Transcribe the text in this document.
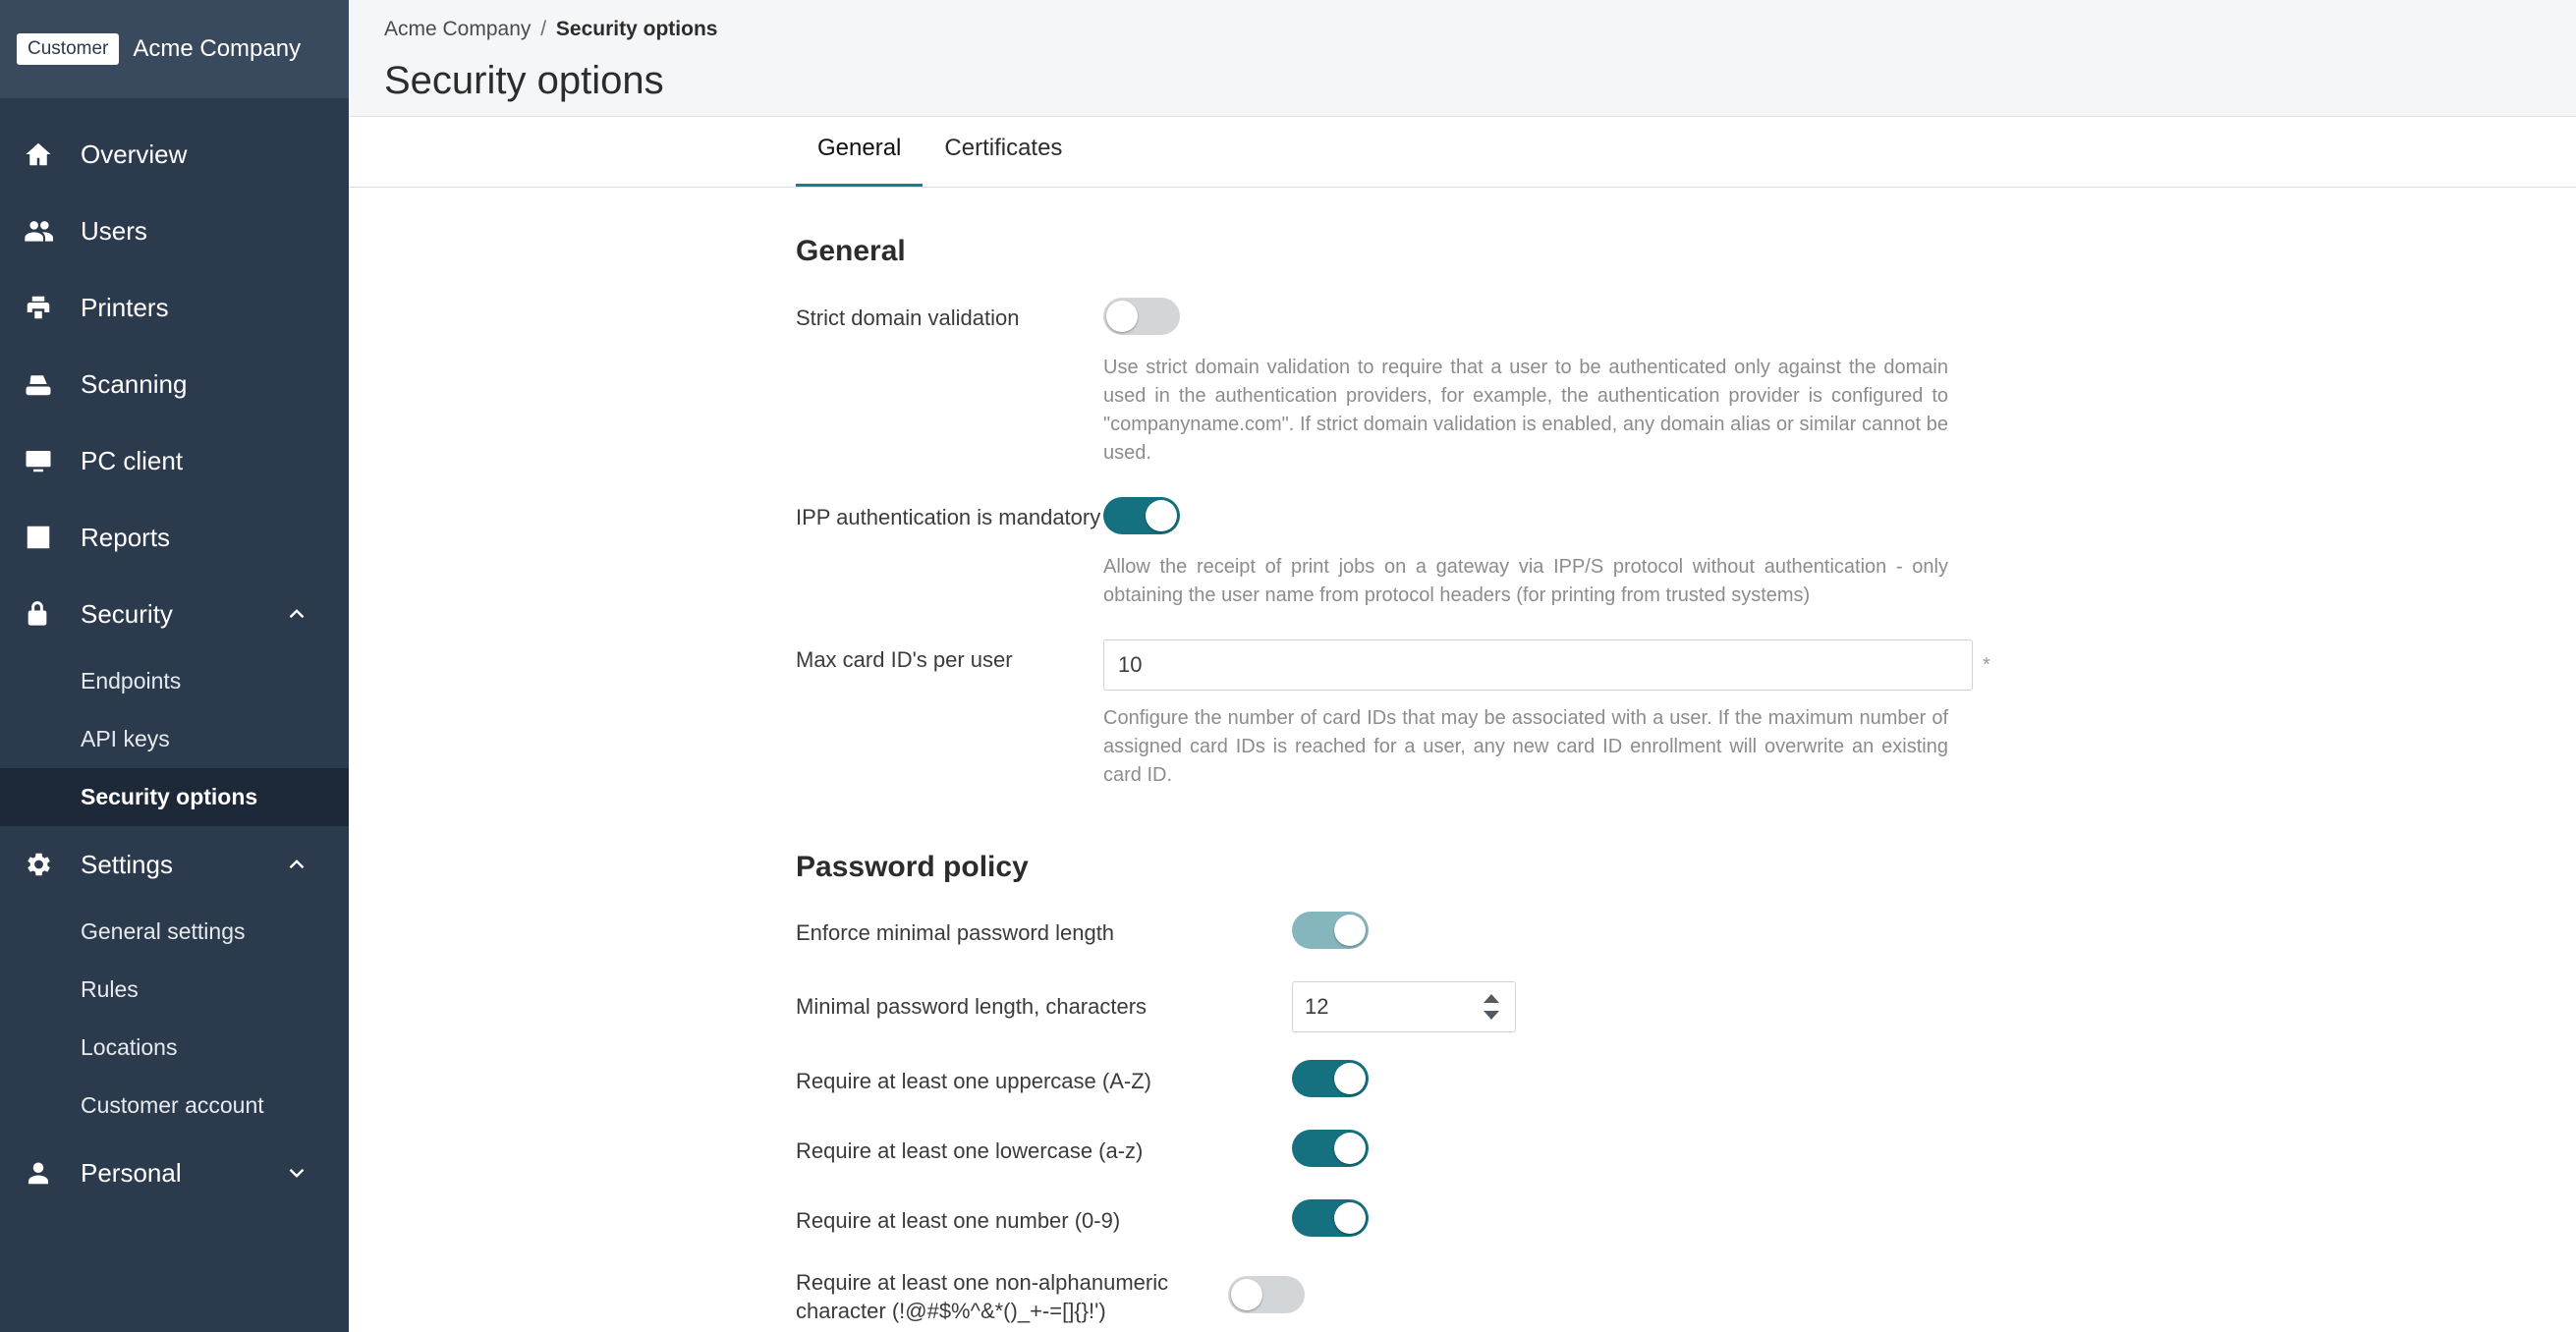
Customer	Acme Company
Overview
Users
Printers
Scanning
PC client
Reports
Security
Endpoints
API keys
Security options
Settings
General settings
Rules
Locations
Customer account
Personal
Acme Company / Security options
Security options
General	Certificates
General
Strict domain validation
Use strict domain validation to require that a user to be authenticated only against the domain used in the authentication providers, for example, the authentication provider is configured to "companyname.com". If strict domain validation is enabled, any domain alias or similar cannot be used.
IPP authentication is mandatory
Allow the receipt of print jobs on a gateway via IPP/S protocol without authentication - only obtaining the user name from protocol headers (for printing from trusted systems)
Max card ID's per user
10	*
Configure the number of card IDs that may be associated with a user. If the maximum number of assigned card IDs is reached for a user, any new card ID enrollment will overwrite an existing card ID.
Password policy
Enforce minimal password length
Minimal password length, characters
12
Require at least one uppercase (A-Z)
Require at least one lowercase (a-z)
Require at least one number (0-9)
Require at least one non-alphanumeric character (!@#$%^&*()_+-=[]{}!')
